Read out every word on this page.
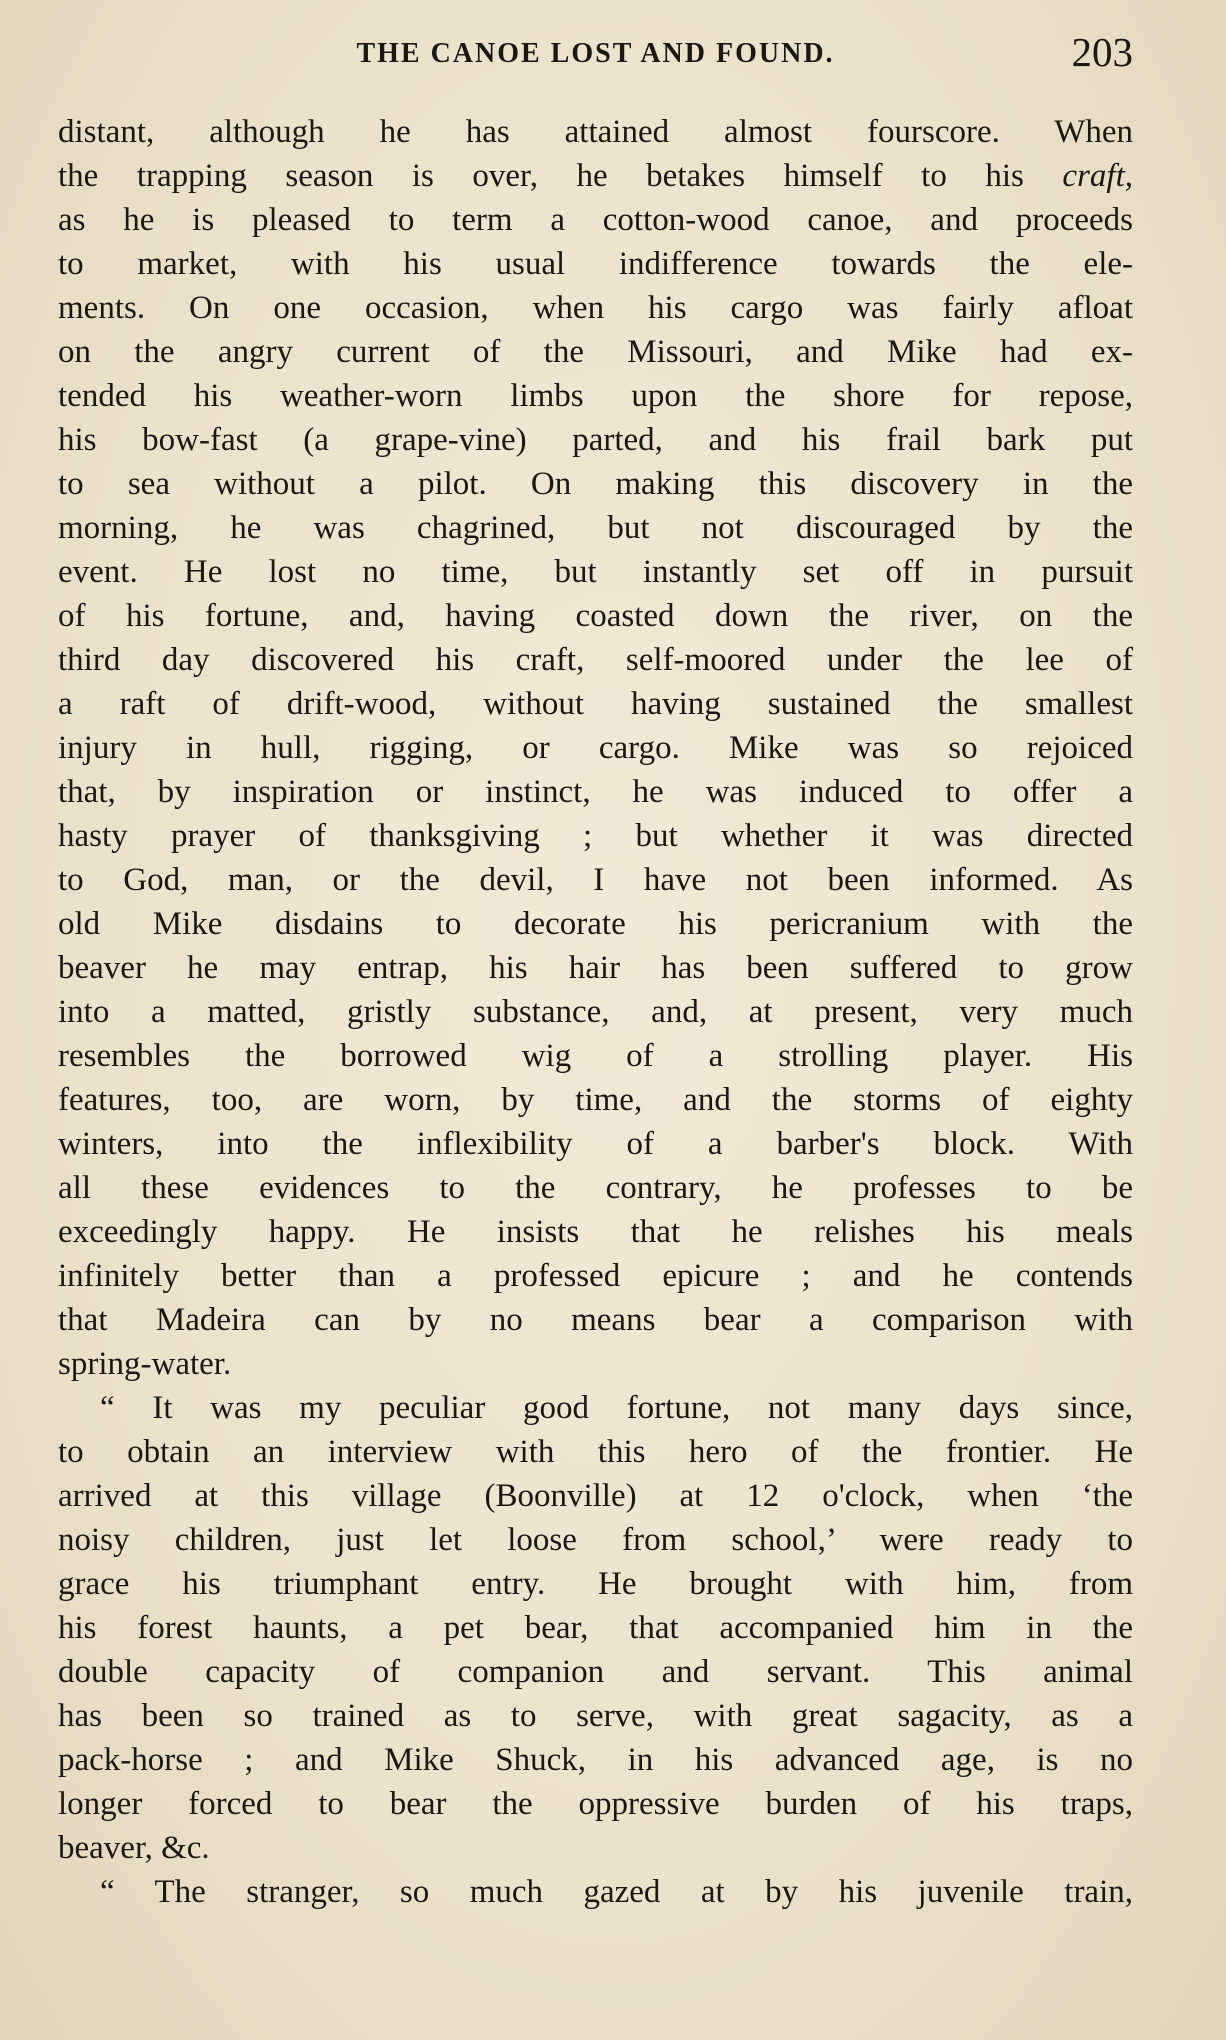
THE CANOE LOST AND FOUND.	203
distant, although he has attained almost fourscore. When
the trapping season is over, he betakes himself to his craft,
as he is pleased to term a cotton-wood canoe, and proceeds
to market, with his usual indifference towards the ele-
ments. On one occasion, when his cargo was fairly afloat
on the angry current of the Missouri, and Mike had ex-
tended his weather-worn limbs upon the shore for repose,
his bow-fast (a grape-vine) parted, and his frail bark put
to sea without a pilot. On making this discovery in the
morning, he was chagrined, but not discouraged by the
event. He lost no time, but instantly set off in pursuit
of his fortune, and, having coasted down the river, on the
third day discovered his craft, self-moored under the lee of
a raft of drift-wood, without having sustained the smallest
injury in hull, rigging, or cargo. Mike was so rejoiced
that, by inspiration or instinct, he was induced to offer a
hasty prayer of thanksgiving ; but whether it was directed
to God, man, or the devil, I have not been informed. As
old Mike disdains to decorate his pericranium with the
beaver he may entrap, his hair has been suffered to grow
into a matted, gristly substance, and, at present, very much
resembles the borrowed wig of a strolling player. His
features, too, are worn, by time, and the storms of eighty
winters, into the inflexibility of a barber's block. With
all these evidences to the contrary, he professes to be
exceedingly happy. He insists that he relishes his meals
infinitely better than a professed epicure ; and he contends
that Madeira can by no means bear a comparison with
spring-water.
“ It was my peculiar good fortune, not many days since,
to obtain an interview with this hero of the frontier. He
arrived at this village (Boonville) at 12 o'clock, when ‘the
noisy children, just let loose from school,’ were ready to
grace his triumphant entry. He brought with him, from
his forest haunts, a pet bear, that accompanied him in the
double capacity of companion and servant. This animal
has been so trained as to serve, with great sagacity, as a
pack-horse ; and Mike Shuck, in his advanced age, is no
longer forced to bear the oppressive burden of his traps,
beaver, &c.
“ The stranger, so much gazed at by his juvenile train,
